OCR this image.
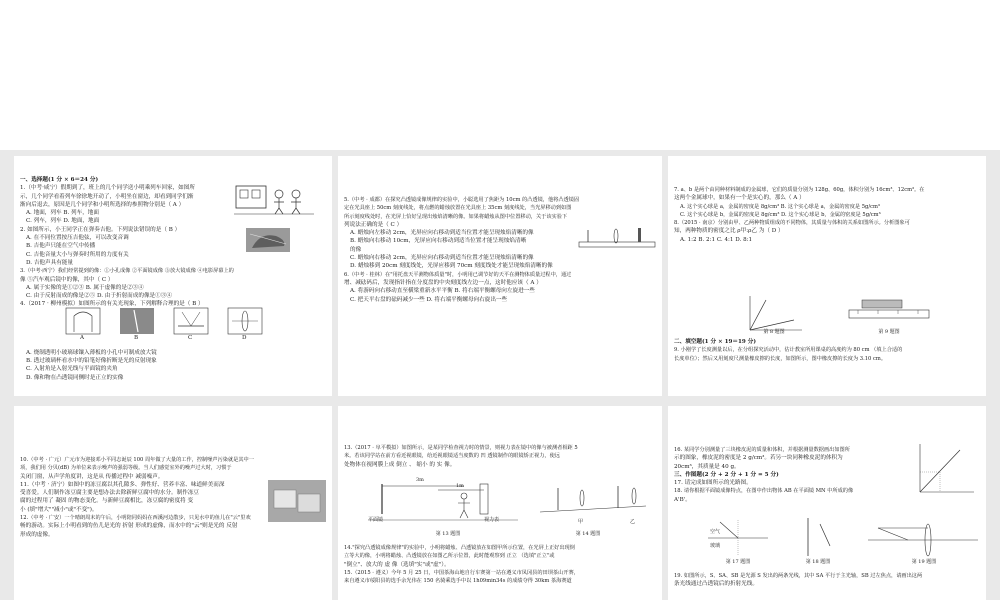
一、选择题(1 分 × 6＝24 分)

1.（中考·咸宁）假期到了，班上的几个同学送小明乘列车回家，如图所

示，几个同学看着列车徐徐地开动了，小明坐在窗边，却看到同学们渐

渐向后退去，原因是几个同学和小明所选择的参照物分别是（ A ）

A. 地面，列车 B. 列车，地面

C. 列车，列车 D. 地面，地面

2. 如图所示，小王同学正在弹奏吉他。下列说法错误的是（ B ）

A. 在不同位置按压吉他弦，可以改变音调

B. 吉他声只能在空气中传播

C. 吉他音量大小与弹奏时所用的力度有关

D. 吉他声具有能量

3.（中考·西宁）我们经常提到的像：①小孔成像 ②平面镜成像 ③放大镜成像 ④电影屏幕上的

像 ⑤汽车观后镜中的像，其中（ C ）

A. 属于实像的是①②③ B. 属于虚像的是②③④

C. 由于反射而成的像是②⑤ D. 由于折射而成的像是①③④

4.（2017 · 柳州模拟）如图所示的有关光现象，下列解释合理的是（ B ）

A. 烧制透明小玻璃球镶入薄板的小孔中可制成放大镜

B. 透过玻璃杯看水中的铅笔好像折断是光的反射现象

C. 入射角是入射光线与平面镜的夹角

D. 像和物在凸透镜同侧时是正立的实像

A	B	C	D

5.（中考 · 成都）在探究凸透镜成像规律的实验中，小聪选用了焦距为 10cm 的凸透镜，他将凸透镜固

定在光具座上 50cm 刻度线处，将点燃的蜡烛放置在光具座上 35cm 刻度线处，当光屏移动到如图

所示刻度线处时，在光屏上恰好呈现出烛焰清晰的像。如果将蜡烛从图中位置移动，关于该实验下

列说法正确的是（ C ）

A. 蜡烛向左移动 2cm，光屏应向右移动到适当位置才能呈现烛焰清晰的像

B. 蜡烛向右移动 10cm，光屏应向右移动到适当位置才能呈现烛焰清晰

的像

C. 蜡烛向右移动 2cm，光屏应向右移动到适当位置才能呈现烛焰清晰的像

D. 蜡烛移到 20cm 刻度线处，光屏应移到 70cm 刻度线处才能呈现烛焰清晰的像

6.（中考 · 桂林）在"用托盘天平测物体质量"时，小明用已调节好的天平在测物体质量过程中，通过

增、减砝码后，发现指针指在分度盘的中央刻度线左边一点，这时他应该（ A ）

A. 将游码向右移动直至横梁重新水平平衡 B. 将右端平衡螺母向左旋进一些

C. 把天平右盘的砝码减少一些 D. 将右端平衡螺母向右旋出一些

7. a、b 是两个由同种材料制成的金属球，它们的质量分别为 128g、60g，体积分别为 16cm³、12cm³。在

这两个金属球中，如果有一个是实心的，那么（ A ）

A. 这个实心球是 a，金属的密度是 8g/cm³ B. 这个实心球是 a，金属的密度是 5g/cm³

C. 这个实心球是 b，金属的密度是 8g/cm³ D. 这个实心球是 b，金属的密度是 5g/cm³

8.（2015 · 南京）分别由甲、乙两种物质组成的不同物体，其质量与体积的关系如图所示。分析图象可

知，两种物质的密度之比 ρ甲:ρ乙 为（ D ）

A. 1:2 B. 2:1 C. 4:1 D. 8:1

第 8 题图	第 9 题图

二、填空题(1 分 × 19＝19 分)

9. 小刚学了长度测量以后，在分组探究活动中，估计教室所用课桌的高度约为 80 cm （填上合适的

长度单位）；然后又用刻度尺测量橡皮擦的长度，如图所示，图中橡皮擦的长度为 3.10 cm。

10.（中考 · 广元）广元市为迎接邓小平同志诞辰 100 周年做了大量的工作，控制噪声污染就是其中一

项，我们用 分贝(dB) 为单位来表示噪声的强弱等级。当人们感觉室外的噪声过大时，习惯于

关闭门窗，从声学角度讲，这是从 传播过程中 减弱噪声。

11.（中考 · 济宁）如图中的冻豆腐以其孔隙多、弹性好、营养丰富、味道鲜美而深

受喜爱。人们制作冻豆腐主要是想办法去除新鲜豆腐中的水分。制作冻豆

腐的过程用了 凝固 的物态变化。与新鲜豆腐相比，冻豆腐的密度将 变

小 (填"增大""减小"或"不变")。

12.（中考 · 广安）一个晴朗周末的午后，小明陪同妈妈在西溪河边散步，只见水中的鱼儿在"云"里欢

畅的游动。实际上小明看到的鱼儿是光的 折射 形成的虚像，而水中的"云"则是光的 反射

形成的虚像。

13.（2017 · 阜平模拟）如图所示，是某同学检查视力时的情景，则视力表在镜中的像与被测者相距 5

米。若该同学站在前方看近视眼镜，给近视眼镜适当度数的 凹 透镜制作的眼镜矫正视力，使远

处物体在视网膜上成 倒立 、 缩小 的 实 像。

3m
1m
平面镜	视力表	甲	乙

第 13 题图	第 14 题图

14."探究凸透镜成像规律"的实验中，小明将蜡烛、凸透镜放在如图甲所示位置，在光屏上正好出现倒

立等大的像，小明将蜡烛、凸透镜放在如图乙所示位置，此时能观察到 正立 （选填"正立"或

"倒立"、放大的 虚 像（选填"实"或"虚"）。

15.（2015 · 遵义）今年 5 月 25 日，中国茶海山地自行车赛第一站在遵义市凤冈县的田坝茶山开赛，

来自遵义市绥阳县的选手余光伟在 150 名骑乘选手中以 1h09min34s 的成绩夺得 30km 茶海赛道

16. 某同学分别测量了三块橡皮泥的质量和体积，并根据测量数据画出如图所

示的图象，橡皮泥的密度是 2 g/cm³。若另一块同种橡皮泥的体积为

20cm³，其质量是 40 g。

三、作图题(2 分 + 2 分 + 1 分 = 5 分)

17. 请完成如图所示的光路图。

18. 请你根据平面镜成像特点，在图中作出物体 AB 在平面镜 MN 中所成的像

A'B'。

空气
玻璃

第 17 题图	第 18 题图	第 19 题图

19. 如图所示，S、SA、SB 是光源 S 发出的两条光线，其中 SA 平行于主光轴，SB 过左焦点，请画出这两

条光线通过凸透镜后的折射光线。
